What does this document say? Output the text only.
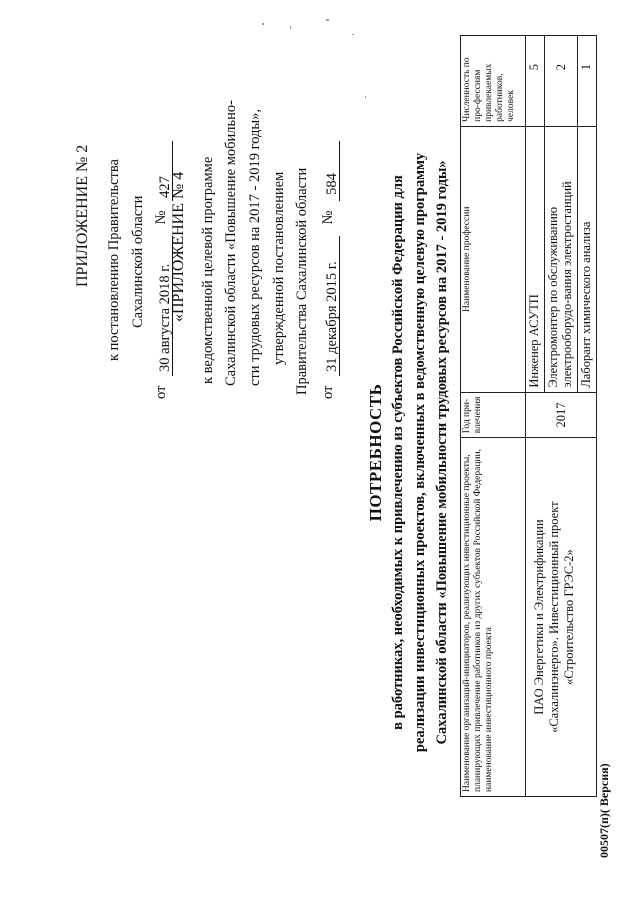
ПРИЛОЖЕНИЕ № 2 к постановлению Правительства Сахалинской области
от 30 августа 2018 г. № 427
«ПРИЛОЖЕНИЕ № 4 к ведомственной целевой программе Сахалинской области «Повышение мобильно- сти трудовых ресурсов на 2017 - 2019 годы», утвержденной постановлением Правительства Сахалинской области от 31 декабря 2015 г. № 584
ПОТРЕБНОСТЬ в работниках, необходимых к привлечению из субъектов Российской Федерации для реализации инвестиционных проектов, включенных в ведомственную целевую программу Сахалинской области «Повышение мобильности трудовых ресурсов на 2017 - 2019 годы»	Наименование организаций-инициаторов, реализующих инвестиционные проекты, планирующих привлечение работников из других субъектов Российской Федерации, наименование инвестиционного проекта	Год при-влечения	Наименование профессии	Численность по про-фессиям привлекаемых работников, человек
ПАО Энергетики и Электрификации «Сахалинэнерго». Инвестиционный проект «Строительство ГРЭС-2»	2017	Инженер АСУТП	5
		Электромонтер по обслуживанию электрооборудо-вания электростанций	2
		Лаборант химического анализа	1
00507(п)( Версия)
